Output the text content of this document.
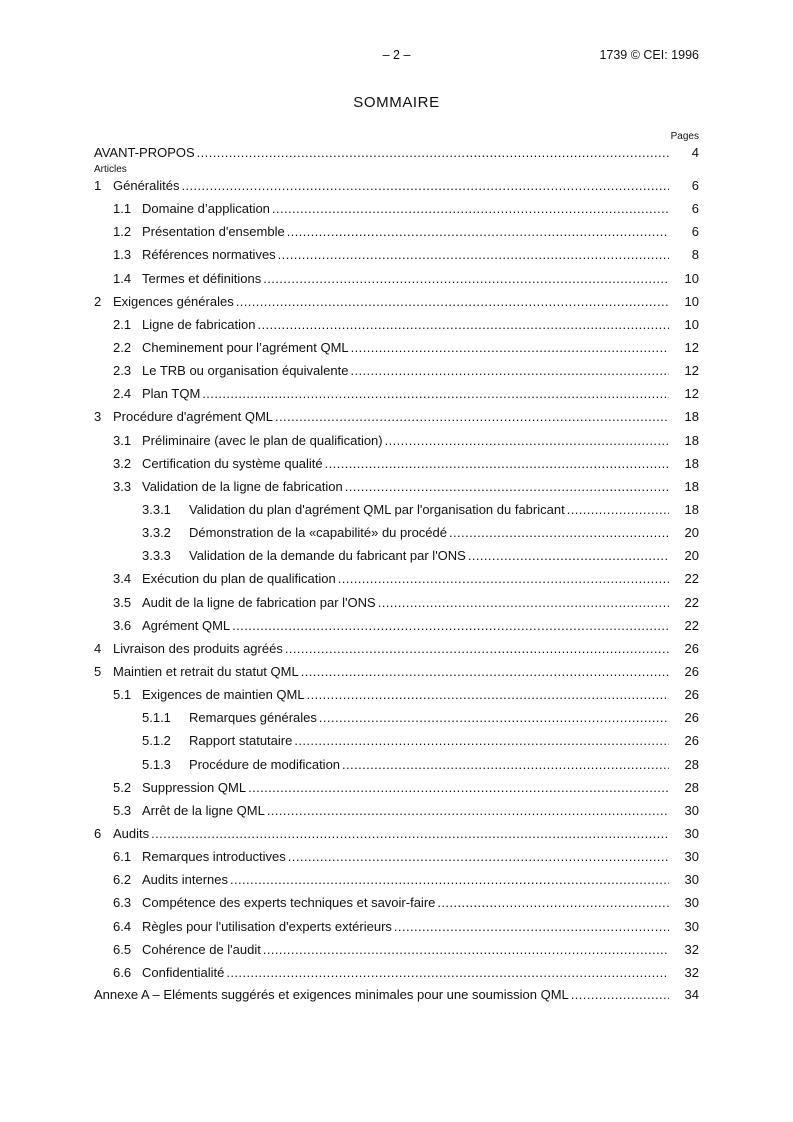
– 2 –	1739 © CEI: 1996
SOMMAIRE
Pages
AVANT-PROPOS .....	4
Articles
1 Généralités .....	6
1.1 Domaine d’application .....	6
1.2 Présentation d'ensemble .....	6
1.3 Références normatives .....	8
1.4 Termes et définitions .....	10
2 Exigences générales .....	10
2.1 Ligne de fabrication .....	10
2.2 Cheminement pour l’agrément QML .....	12
2.3 Le TRB ou organisation équivalente .....	12
2.4 Plan TQM .....	12
3 Procédure d'agrément QML .....	18
3.1 Préliminaire (avec le plan de qualification) .....	18
3.2 Certification du système qualité .....	18
3.3 Validation de la ligne de fabrication .....	18
3.3.1	Validation du plan d'agrément QML par l'organisation du fabricant .....	18
3.3.2	Démonstration de la «capabilité» du procédé .....	20
3.3.3	Validation de la demande du fabricant par l'ONS .....	20
3.4 Exécution du plan de qualification .....	22
3.5 Audit de la ligne de fabrication par l'ONS .....	22
3.6 Agrément QML .....	22
4 Livraison des produits agréés .....	26
5 Maintien et retrait du statut QML .....	26
5.1 Exigences de maintien QML .....	26
5.1.1	Remarques générales .....	26
5.1.2	Rapport statutaire .....	26
5.1.3	Procédure de modification .....	28
5.2 Suppression QML .....	28
5.3 Arrêt de la ligne QML .....	30
6 Audits .....	30
6.1 Remarques introductives .....	30
6.2 Audits internes .....	30
6.3 Compétence des experts techniques et savoir-faire .....	30
6.4 Règles pour l'utilisation d'experts extérieurs .....	30
6.5 Cohérence de l'audit .....	32
6.6 Confidentialité .....	32
Annexe A – Eléments suggérés et exigences minimales pour une soumission QML .....	34
